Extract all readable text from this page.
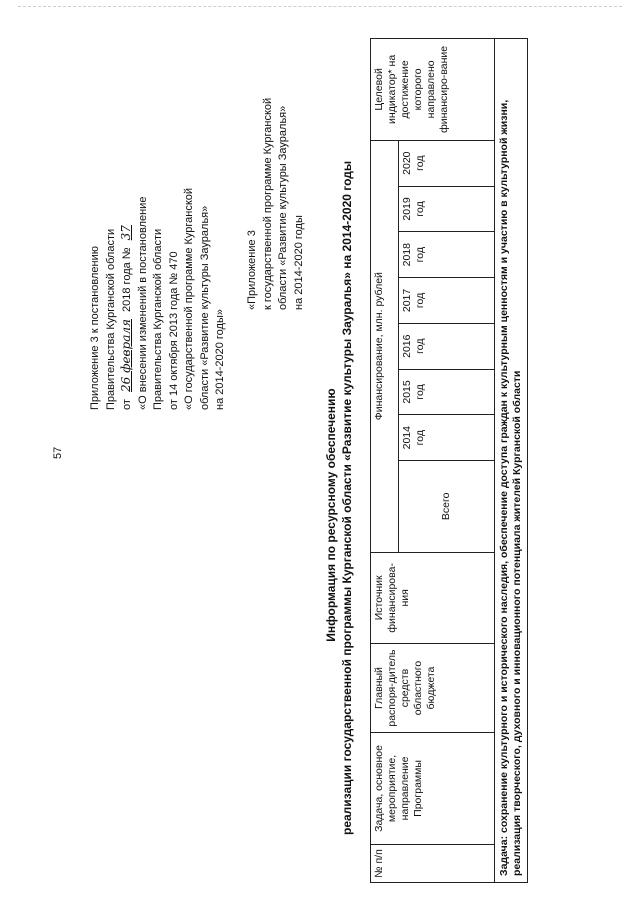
57
Приложение 3 к постановлению Правительства Курганской области от 26 февраля 2018 года № 37 «О внесении изменений в постановление Правительства Курганской области от 14 октября 2013 года № 470 «О государственной программе Курганской области «Развитие культуры Зауралья» на 2014-2020 годы»
«Приложение 3 к государственной программе Курганской области «Развитие культуры Зауралья» на 2014-2020 годы
Информация по ресурсному обеспечению реализации государственной программы Курганской области «Развитие культуры Зауралья» на 2014-2020 годы
№ п/п	Задача, основное мероприятие, направление Программы	Главный распоря-дитель средств областного бюджета	Источник финансирова-ния	Финансирование, млн. рублей								Целевой индикатор* на достижение которого направлено финансиро-вание
				Всего	2014 год	2015 год	2016 год	2017 год	2018 год	2019 год	2020 год	
Задача: сохранение культурного и исторического наследия, обеспечение доступа граждан к культурным ценностям и участию в культурной жизни, реализация творческого, духовного и инновационного потенциала жителей Курганской области												
